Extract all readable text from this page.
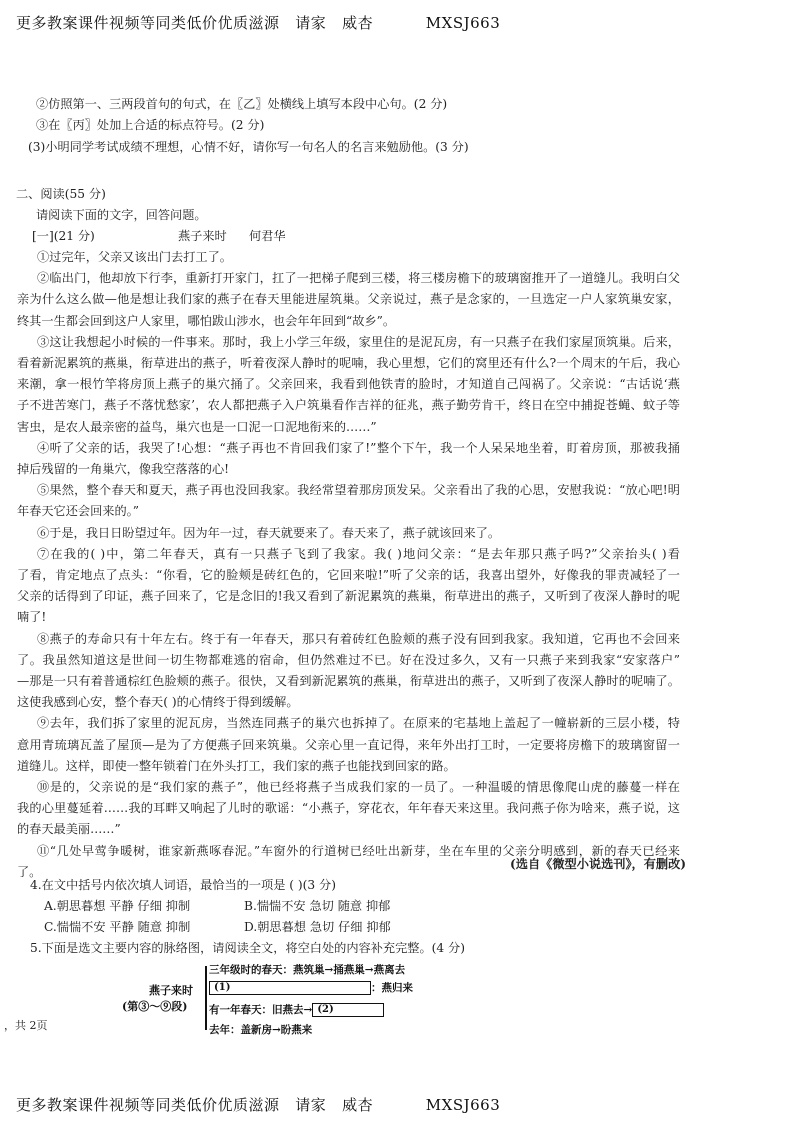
更多教案课件视频等同类低价优质滋源   请家   威杏          MXSJ663
②仿照第一、三两段首句的句式，在〖乙〗处横线上填写本段中心句。(2 分)
③在〖丙〗处加上合适的标点符号。(2 分)
(3)小明同学考试成绩不理想，心情不好，请你写一句名人的名言来勉励他。(3 分)
二、阅读(55 分)
请阅读下面的文字，回答问题。
[一](21 分)	燕子来时 何君华
①过完年，父亲又该出门去打工了。
②临出门，他却放下行李，重新打开家门，扛了一把梯子爬到三楼，将三楼房檐下的玻璃窗推开了一道缝儿。我明白父
亲为什么这么做—他是想让我们家的燕子在春天里能进屋筑巢。父亲说过，燕子是念家的，一旦选定一户人家筑巢安家，
终其一生都会回到这户人家里，哪怕跋山涉水，也会年年回到“故乡”。
③这让我想起小时候的一件事来。那时，我上小学三年级，家里住的是泥瓦房，有一只燕子在我们家屋顶筑巢。后来，
看着新泥累筑的燕巢，衔草进出的燕子，听着夜深人静时的呢喃，我心里想，它们的窝里还有什么?一个周末的午后，我心
来潮，拿一根竹竿将房顶上燕子的巢穴捅了。父亲回来，我看到他铁青的脸时，才知道自己闯祸了。父亲说：“古话说‘燕
子不进苦寒门，燕子不落忧愁家’，农人都把燕子入户筑巢看作吉祥的征兆，燕子勤劳肯干，终日在空中捕捉苍蝇、蚊子等
害虫，是农人最亲密的益鸟，巢穴也是一口泥一口泥地衔来的……”
④听了父亲的话，我哭了!心想：“燕子再也不肯回我们家了!”整个下午，我一个人呆呆地坐着，盯着房顶，那被我捅
掉后残留的一角巢穴，像我空落落的心!
⑤果然，整个春天和夏天，燕子再也没回我家。我经常望着那房顶发呆。父亲看出了我的心思，安慰我说：“放心吧!明
年春天它还会回来的。”
⑥于是，我日日盼望过年。因为年一过，春天就要来了。春天来了，燕子就该回来了。
⑦在我的( )中，第二年春天，真有一只燕子飞到了我家。我( )地问父亲：“是去年那只燕子吗?”父亲抬头( )看
了看，肯定地点了点头：“你看，它的脸颊是砖红色的，它回来啦!”听了父亲的话，我喜出望外，好像我的罪责减轻了一
父亲的话得到了印证，燕子回来了，它是念旧的!我又看到了新泥累筑的燕巢，衔草进出的燕子，又听到了夜深人静时的呢
喃了!
⑧燕子的寿命只有十年左右。终于有一年春天，那只有着砖红色脸颊的燕子没有回到我家。我知道，它再也不会回来
了。我虽然知道这是世间一切生物都难逃的宿命，但仍然难过不已。好在没过多久，又有一只燕子来到我家“安家落户”
—那是一只有着普通棕红色脸颊的燕子。很快，又看到新泥累筑的燕巢，衔草进出的燕子，又听到了夜深人静时的呢喃了。
这使我感到心安，整个春天( )的心情终于得到缓解。
⑨去年，我们拆了家里的泥瓦房，当然连同燕子的巢穴也拆掉了。在原来的宅基地上盖起了一幢崭新的三层小楼，特
意用青琉璃瓦盖了屋顶—是为了方便燕子回来筑巢。父亲心里一直记得，来年外出打工时，一定要将房檐下的玻璃窗留一
道缝儿。这样，即使一整年锁着门在外头打工，我们家的燕子也能找到回家的路。
⑩是的，父亲说的是“我们家的燕子”，他已经将燕子当成我们家的一员了。一种温暖的情思像爬山虎的藤蔓一样在
我的心里蔓延着……我的耳畔又响起了儿时的歌谣：“小燕子，穿花衣，年年春天来这里。我问燕子你为啥来，燕子说，这
的春天最美丽……”
⑪“几处早莺争暖树，谁家新燕啄春泥。”车窗外的行道树已经吐出新芽，坐在车里的父亲分明感到，新的春天已经来
了。
(选自《微型小说选刊》，有删改)
4.在文中括号内依次填人词语，最恰当的一项是 ( )(3 分)
A.朝思暮想 平静 仔细 抑制	B.惴惴不安 急切 随意 抑郁
C.惴惴不安 平静 随意 抑制	D.朝思暮想 急切 仔细 抑郁
5.下面是选文主要内容的脉络图，请阅读全文，将空白处的内容补充完整。(4 分)
燕子来时
(第③～⑨段)
三年级时的春天：燕筑巢→捅燕巢→燕离去
(1)	：燕归来
有一年春天：旧燕去→ (2)
去年：盖新房→盼燕来
，共 2页
更多教案课件视频等同类低价优质滋源   请家   威杏          MXSJ663
